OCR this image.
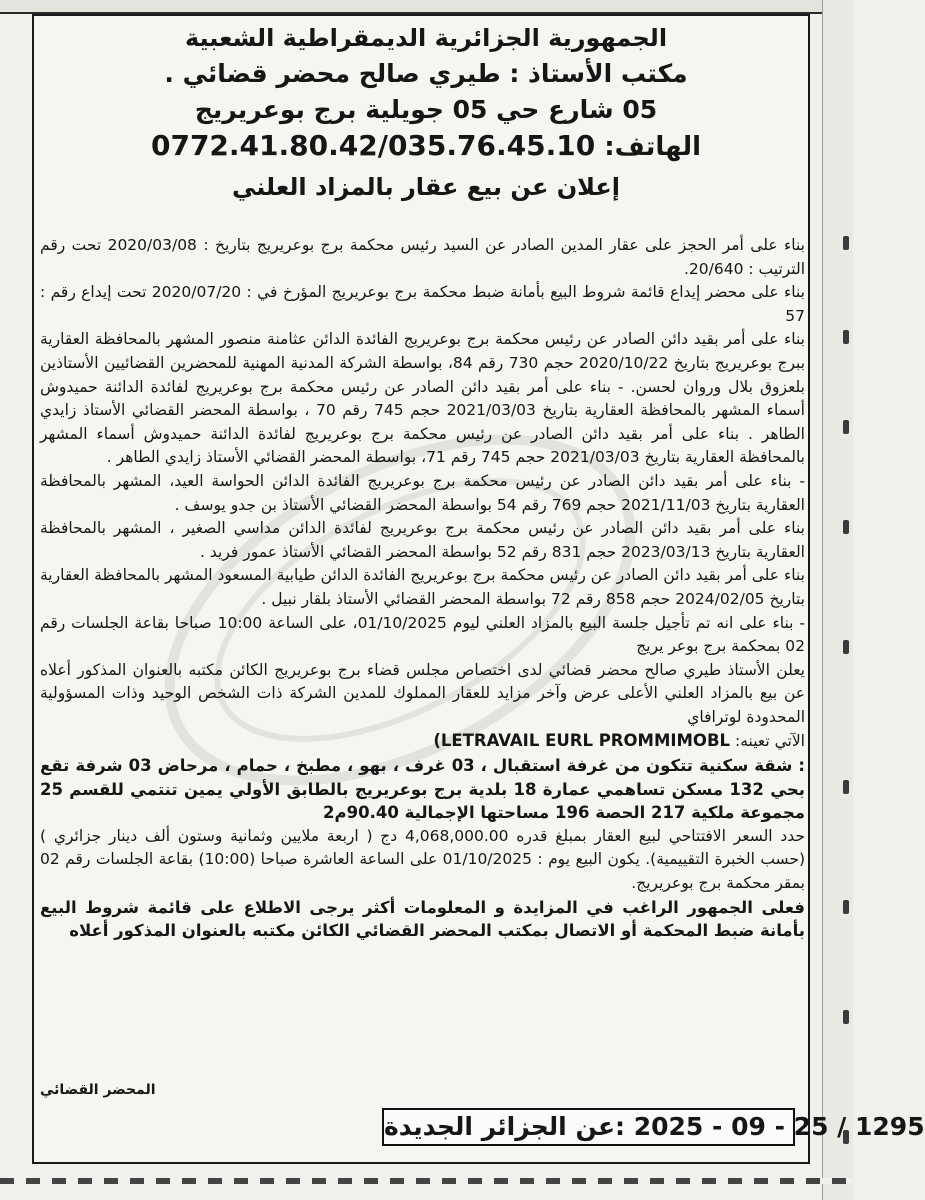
الجمهورية الجزائرية الديمقراطية الشعبية
مكتب الأستاذ : طيري صالح محضر قضائي .
05 شارع حي 05 جويلية برج بوعريريج
الهاتف: 0772.41.80.42/035.76.45.10
إعلان عن بيع عقار بالمزاد العلني

بناء على أمر الحجز على عقار المدين الصادر عن السيد رئيس محكمة برج بوعريريج بتاريخ : 2020/03/08 تحت رقم الترتيب : 20/640.

بناء على محضر إيداع قائمة شروط البيع بأمانة ضبط محكمة برج بوعريريج المؤرخ في : 2020/07/20 تحت إيداع رقم : 57

بناء على أمر بقيد دائن الصادر عن رئيس محكمة برج بوعريريج الفائدة الدائن عثامنة منصور المشهر بالمحافظة العقارية ببرج بوعريريج بتاريخ 2020/10/22 حجم 730 رقم 84، بواسطة الشركة المدنية المهنية للمحضرين القضائيين الأستاذين بلعزوق بلال وروان لحسن. - بناء على أمر بقيد دائن الصادر عن رئيس محكمة برج بوعريريج لفائدة الدائنة حميدوش أسماء المشهر بالمحافظة العقارية بتاريخ 2021/03/03 حجم 745 رقم 70 ، بواسطة المحضر القضائي الأستاذ زايدي الطاهر . بناء على أمر بقيد دائن الصادر عن رئيس محكمة برج بوعريريج لفائدة الدائنة حميدوش أسماء المشهر بالمحافظة العقارية بتاريخ 2021/03/03 حجم 745 رقم 71، بواسطة المحضر القضائي الأستاذ زايدي الطاهر .

- بناء على أمر بقيد دائن الصادر عن رئيس محكمة برج بوعريريج الفائدة الدائن الحواسة العيد، المشهر بالمحافظة العقارية بتاريخ 2021/11/03 حجم 769 رقم 54 بواسطة المحضر القضائي الأستاذ بن جدو يوسف .

بناء على أمر بقيد دائن الصادر عن رئيس محكمة برج بوعريريج لفائدة الدائن مداسي الصغير ، المشهر بالمحافظة العقارية بتاريخ 2023/03/13 حجم 831 رقم 52 بواسطة المحضر القضائي الأستاذ عمور فريد .

بناء على أمر بقيد دائن الصادر عن رئيس محكمة برج بوعريريج الفائدة الدائن طيابية المسعود المشهر بالمحافظة العقارية بتاريخ 2024/02/05 حجم 858 رقم 72 بواسطة المحضر القضائي الأستاذ بلقار نبيل .

- بناء على انه تم تأجيل جلسة البيع بالمزاد العلني ليوم 01/10/2025، على الساعة 10:00 صباحا بقاعة الجلسات رقم 02 بمحكمة برج بوعر يريج

يعلن الأستاذ طيري صالح محضر قضائي لدى اختصاص مجلس قضاء برج بوعريريج الكائن مكتبه بالعنوان المذكور أعلاه عن بيع بالمزاد العلني الأعلى عرض وآخر مزايد للعقار المملوك للمدين الشركة ذات الشخص الوحيد وذات المسؤولية المحدودة لوترافاي

الآتي تعينه: (LETRAVAIL EURL PROMMIMOBL

: شقة سكنية تتكون من غرفة استقبال ، 03 غرف ، بهو ، مطبخ ، حمام ، مرحاض 03 شرفة تقع بحي 132 مسكن تساهمي عمارة 18 بلدية برج بوعريريج بالطابق الأولي يمين تنتمي للقسم 25 مجموعة ملكية 217 الحصة 196 مساحتها الإجمالية 90.40م2

حدد السعر الافتتاحي لبيع العقار بمبلغ قدره 4,068,000.00 دج ( اربعة ملايين وثمانية وستون ألف دينار جزائري ) (حسب الخبرة التقييمية). يكون البيع يوم : 01/10/2025 على الساعة العاشرة صباحا (10:00) بقاعة الجلسات رقم 02 بمقر محكمة برج بوعريريج.

فعلى الجمهور الراغب في المزايدة و المعلومات أكثر يرجى الاطلاع على قائمة شروط البيع بأمانة ضبط المحكمة أو الاتصال بمكتب المحضر القضائي الكائن مكتبه بالعنوان المذكور أعلاه

المحضر القضائي
عن الجزائر الجديدة: 2025 - 09 - 25 / 1295
